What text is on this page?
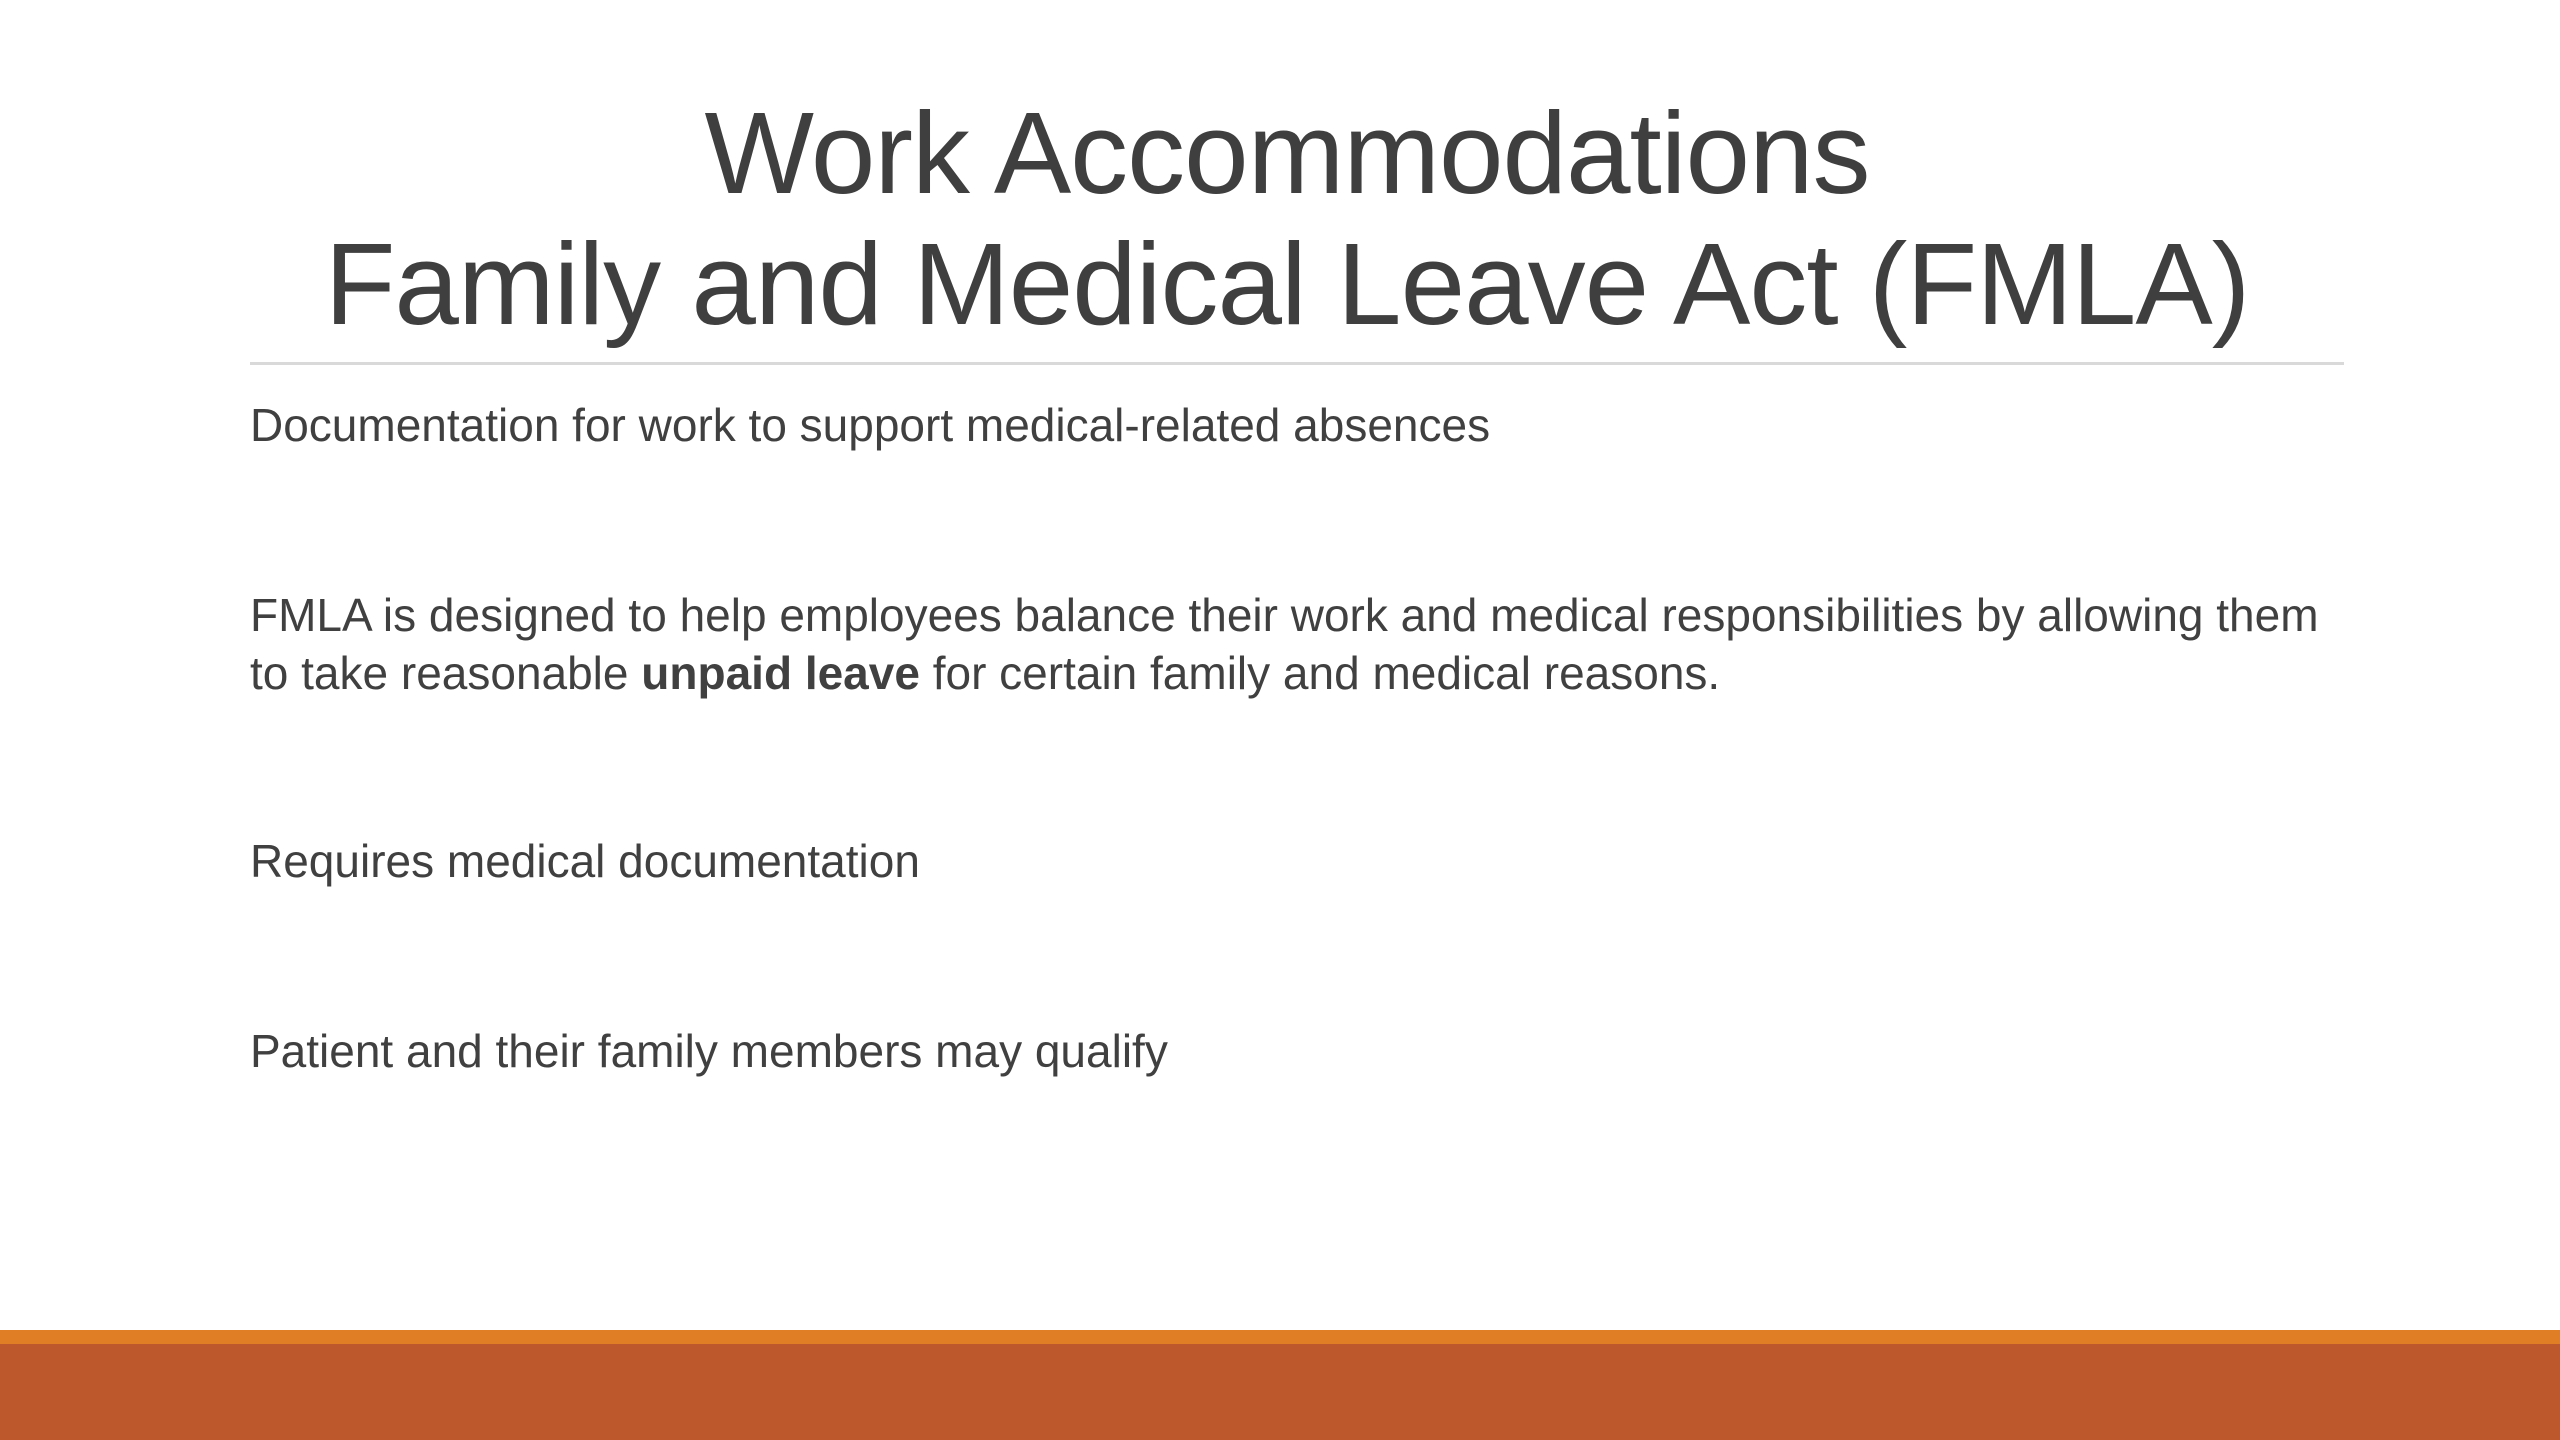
Work Accommodations
Family and Medical Leave Act (FMLA)
Documentation for work to support medical-related absences
FMLA is designed to help employees balance their work and medical responsibilities by allowing them to take reasonable unpaid leave for certain family and medical reasons.
Requires medical documentation
Patient and their family members may qualify
